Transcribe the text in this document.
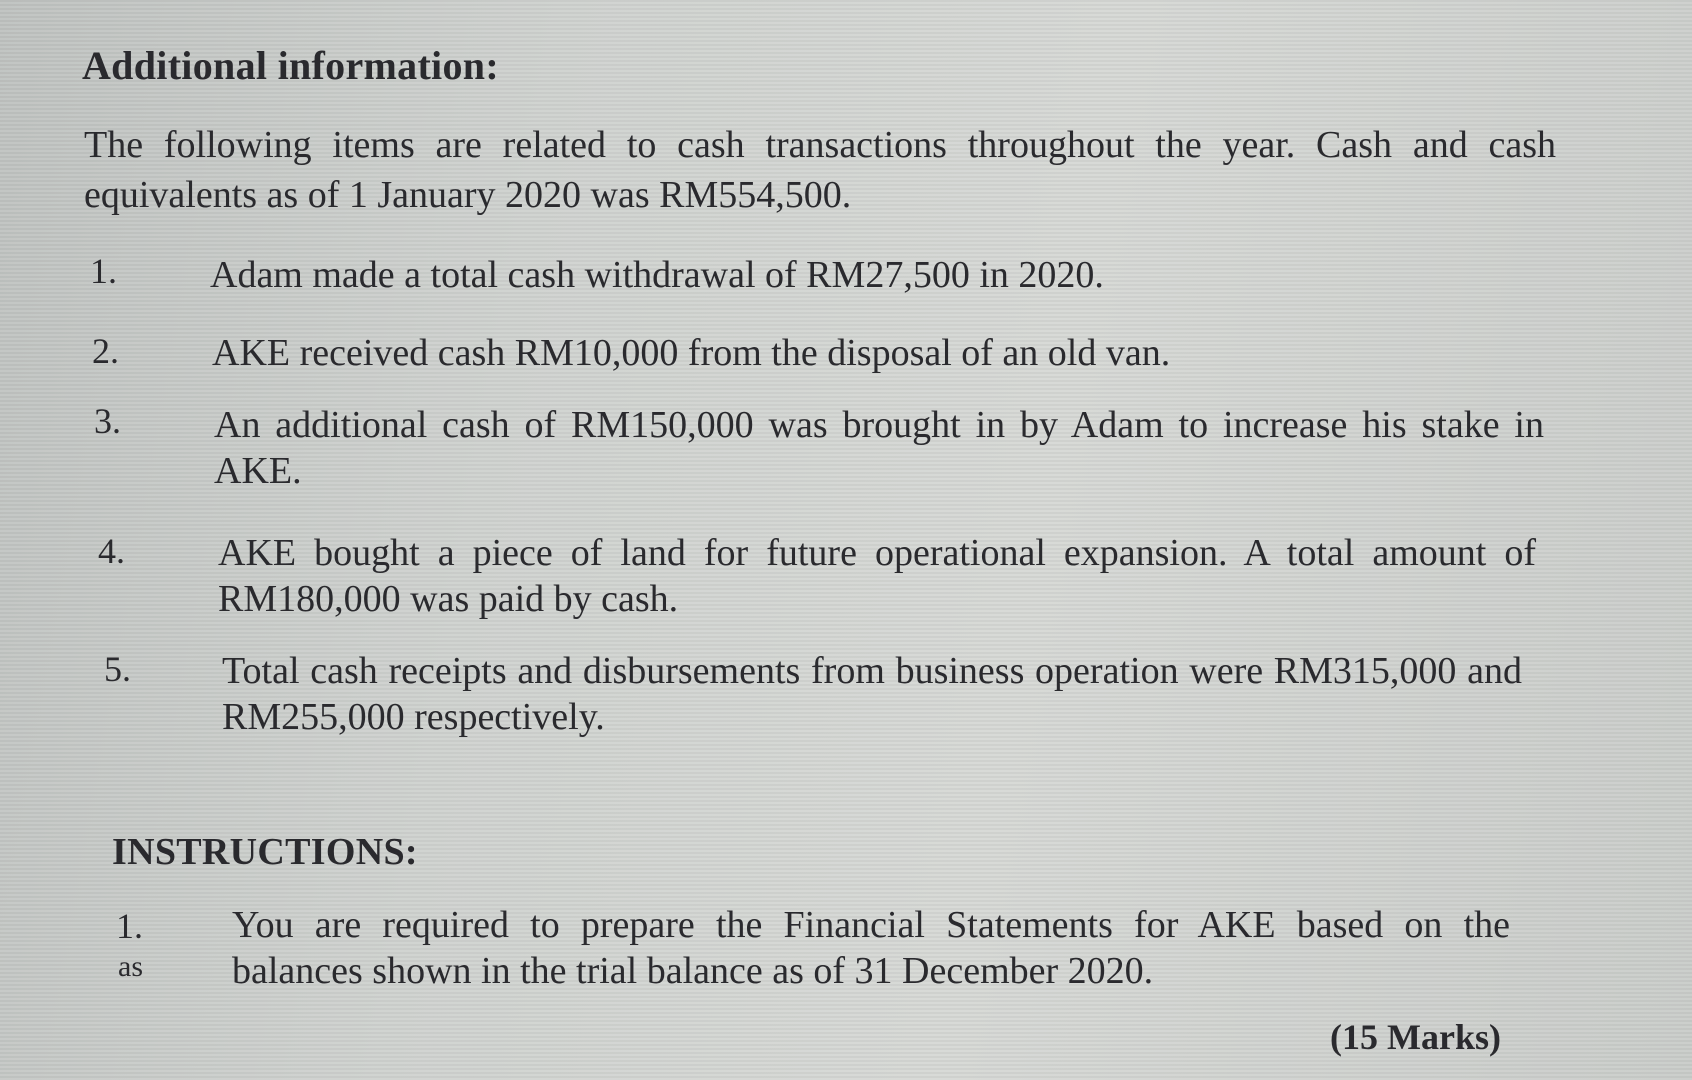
Additional information:
The following items are related to cash transactions throughout the year. Cash and cash equivalents as of 1 January 2020 was RM554,500.
1. Adam made a total cash withdrawal of RM27,500 in 2020.
2. AKE received cash RM10,000 from the disposal of an old van.
3. An additional cash of RM150,000 was brought in by Adam to increase his stake in AKE.
4. AKE bought a piece of land for future operational expansion. A total amount of RM180,000 was paid by cash.
5. Total cash receipts and disbursements from business operation were RM315,000 and RM255,000 respectively.
INSTRUCTIONS:
1.
as
You are required to prepare the Financial Statements for AKE based on the balances shown in the trial balance as of 31 December 2020.
(15 Marks)
